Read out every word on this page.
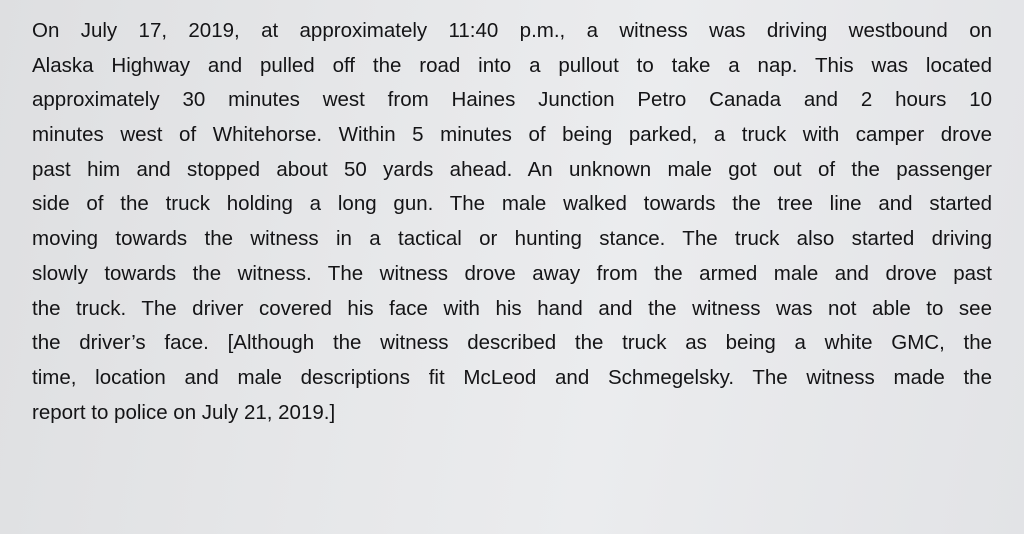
On July 17, 2019, at approximately 11:40 p.m., a witness was driving westbound on
Alaska Highway and pulled off the road into a pullout to take a nap. This was located
approximately 30 minutes west from Haines Junction Petro Canada and 2 hours 10
minutes west of Whitehorse. Within 5 minutes of being parked, a truck with camper drove
past him and stopped about 50 yards ahead. An unknown male got out of the passenger
side of the truck holding a long gun. The male walked towards the tree line and started
moving towards the witness in a tactical or hunting stance. The truck also started driving
slowly towards the witness. The witness drove away from the armed male and drove past
the truck. The driver covered his face with his hand and the witness was not able to see
the driver’s face. [Although the witness described the truck as being a white GMC, the
time, location and male descriptions fit McLeod and Schmegelsky. The witness made the
report to police on July 21, 2019.]
